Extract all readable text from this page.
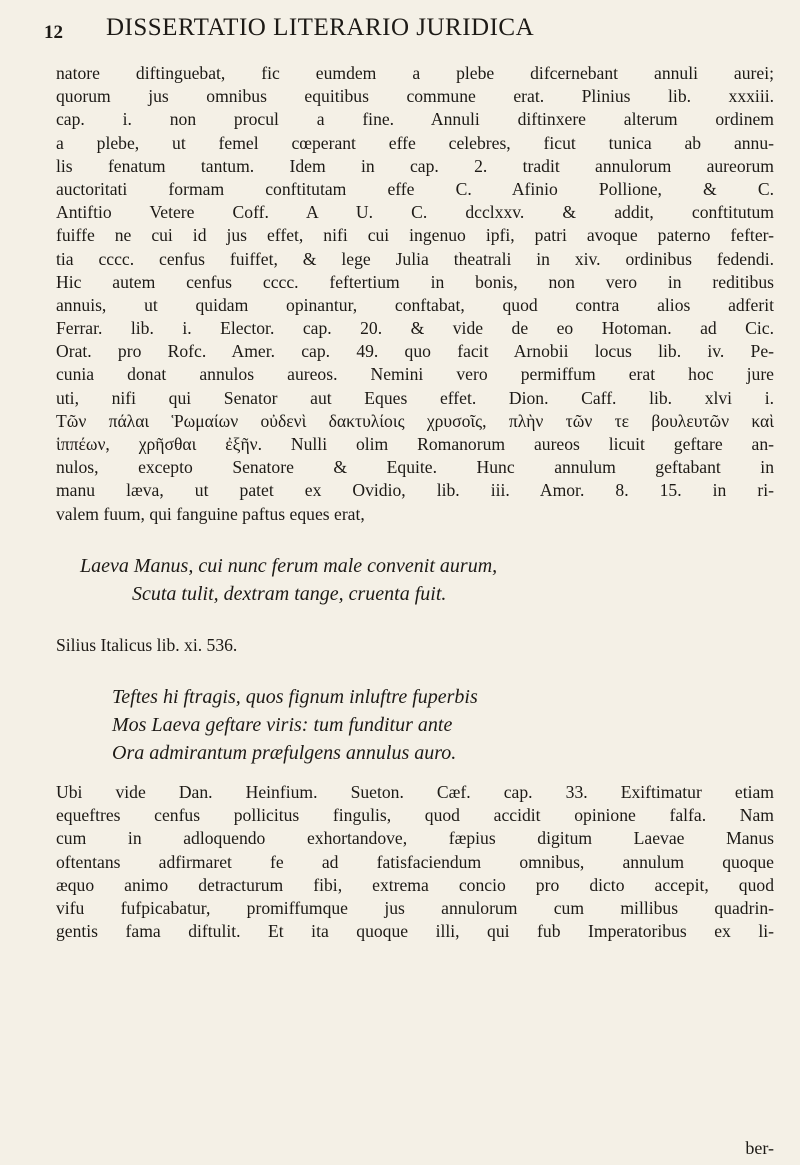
12 DISSERTATIO LITERARIO JURIDICA
natore diftinguebat, fic eumdem a plebe difcernebant annuli aurei;
quorum jus omnibus equitibus commune erat. Plinius lib. xxxiii.
cap. i. non procul a fine. Annuli diftinxere alterum ordinem
a plebe, ut femel cœperant effe celebres, ficut tunica ab annu-
lis fenatum tantum. Idem in cap. 2. tradit annulorum aureorum
auctoritati formam conftitutam effe C. Afinio Pollione, & C.
Antiftio Vetere Coff. A U. C. dcclxxv. & addit, conftitutum
fuiffe ne cui id jus effet, nifi cui ingenuo ipfi, patri avoque paterno fefter-
tia cccc. cenfus fuiffet, & lege Julia theatrali in xiv. ordinibus fedendi.
Hic autem cenfus cccc. feftertium in bonis, non vero in reditibus
annuis, ut quidam opinantur, conftabat, quod contra alios adferit
Ferrar. lib. i. Elector. cap. 20. & vide de eo Hotoman. ad Cic.
Orat. pro Rofc. Amer. cap. 49. quo facit Arnobii locus lib. iv. Pe-
cunia donat annulos aureos. Nemini vero permiffum erat hoc jure
uti, nifi qui Senator aut Eques effet. Dion. Caff. lib. xlvi i.
Τῶν πάλαι Ῥωμαίων οὐδενὶ δακτυλίοις χρυσοῖς, πλὴν τῶν τε βουλευτῶν καὶ
ἱππέων, χρῆσθαι ἐξῆν. Nulli olim Romanorum aureos licuit geftare an-
nulos, excepto Senatore & Equite. Hunc annulum geftabant in
manu læva, ut patet ex Ovidio, lib. iii. Amor. 8. 15. in ri-
valem fuum, qui fanguine paftus eques erat,
Laeva Manus, cui nunc ferum male convenit aurum,
Scuta tulit, dextram tange, cruenta fuit.
Silius Italicus lib. xi. 536.
Teftes hi ftragis, quos fignum inluftre fuperbis
Mos Laeva geftare viris: tum funditur ante
Ora admirantum præfulgens annulus auro.
Ubi vide Dan. Heinfium. Sueton. Cæf. cap. 33. Exiftimatur etiam
equeftres cenfus pollicitus fingulis, quod accidit opinione falfa. Nam
cum in adloquendo exhortandove, fæpius digitum Laevae Manus
oftentans adfirmaret fe ad fatisfaciendum omnibus, annulum quoque
æquo animo detracturum fibi, extrema concio pro dicto accepit, quod
vifu fufpicabatur, promiffumque jus annulorum cum millibus quadrin-
gentis fama diftulit. Et ita quoque illi, qui fub Imperatoribus ex li-
ber-
